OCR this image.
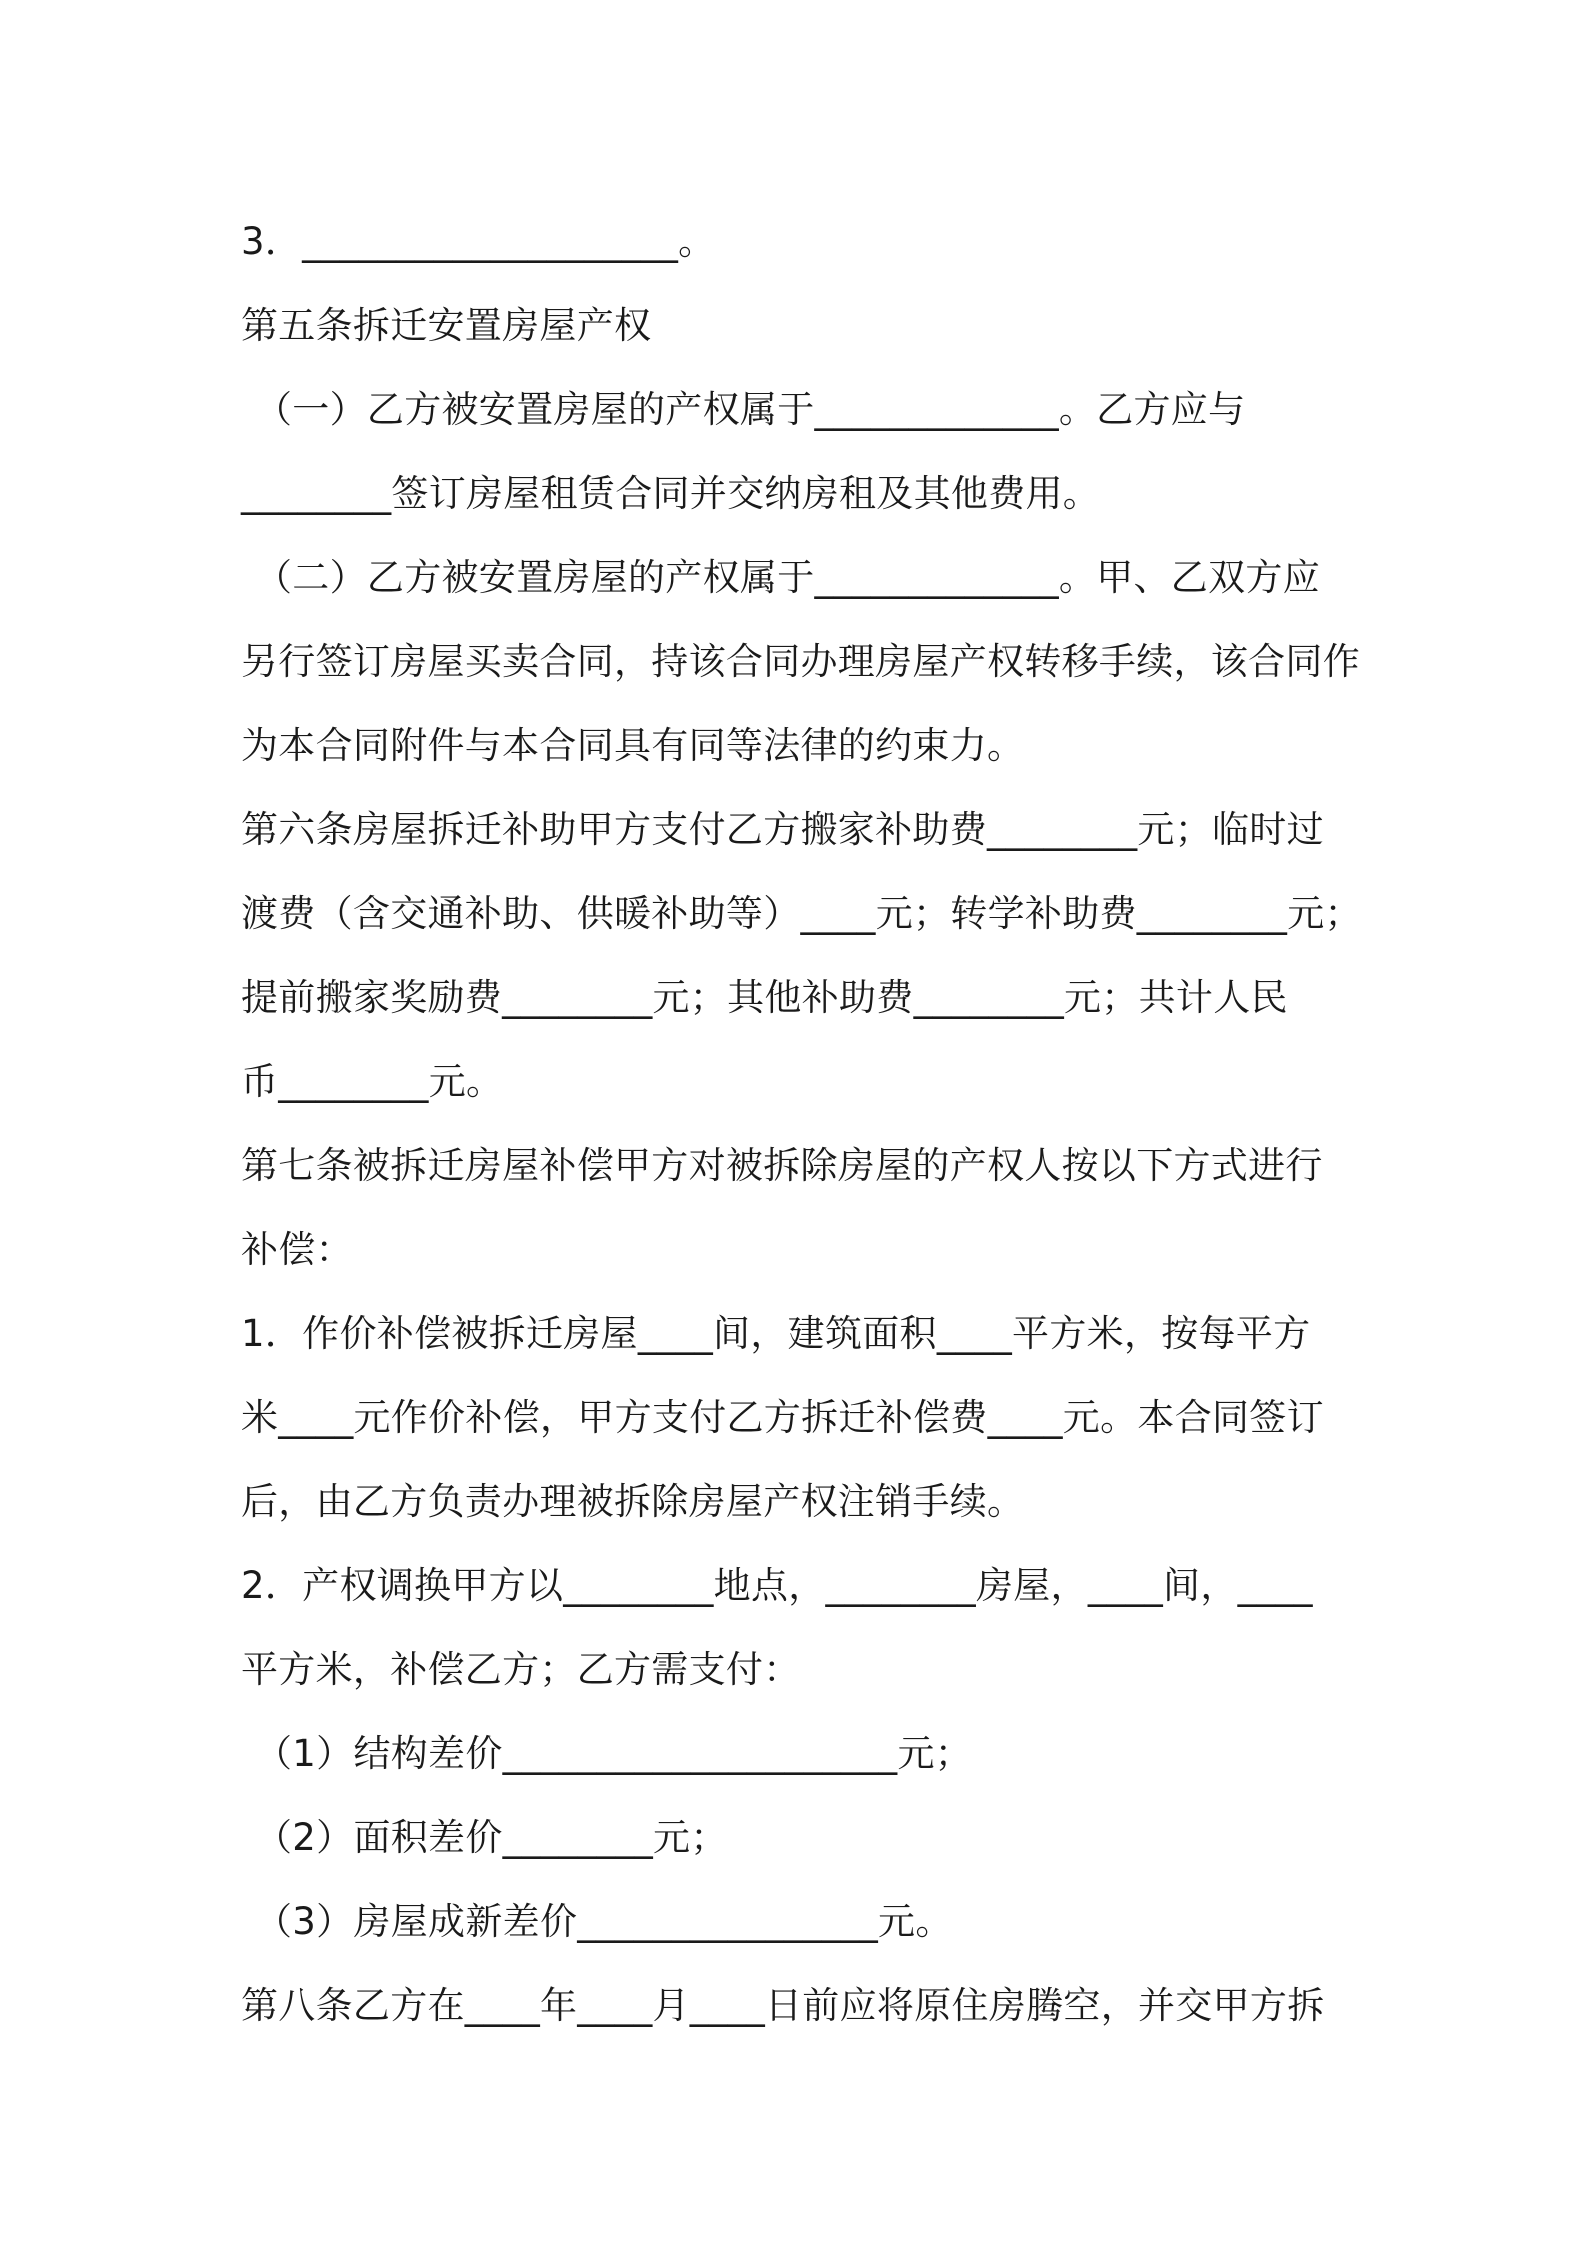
3．____________________。
第五条拆迁安置房屋产权
（一）乙方被安置房屋的产权属于_____________。乙方应与
________签订房屋租赁合同并交纳房租及其他费用。
（二）乙方被安置房屋的产权属于_____________。甲、乙双方应
另行签订房屋买卖合同，持该合同办理房屋产权转移手续，该合同作
为本合同附件与本合同具有同等法律的约束力。
第六条房屋拆迁补助甲方支付乙方搬家补助费________元；临时过
渡费（含交通补助、供暖补助等）____元；转学补助费________元；
提前搬家奖励费________元；其他补助费________元；共计人民
币________元。
第七条被拆迁房屋补偿甲方对被拆除房屋的产权人按以下方式进行
补偿：
1．作价补偿被拆迁房屋____间，建筑面积____平方米，按每平方
米____元作价补偿，甲方支付乙方拆迁补偿费____元。本合同签订
后，由乙方负责办理被拆除房屋产权注销手续。
2．产权调换甲方以________地点，________房屋，____间，____
平方米，补偿乙方；乙方需支付：
（1）结构差价_____________________元；
（2）面积差价________元；
（3）房屋成新差价________________元。
第八条乙方在____年____月____日前应将原住房腾空，并交甲方拆
